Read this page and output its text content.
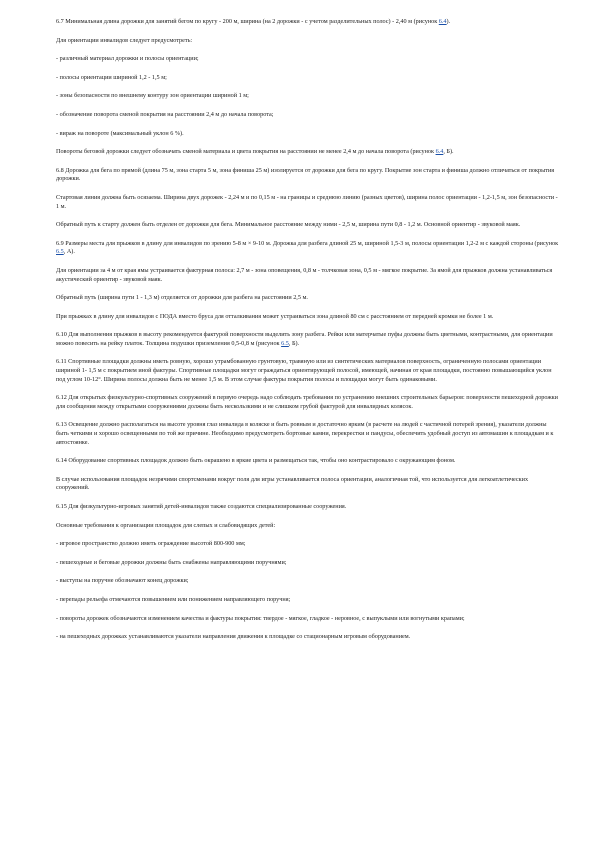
6.7 Минимальная длина дорожки для занятий бегом по кругу - 200 м, ширина (на 2 дорожки - с учетом разделительных полос) - 2,40 м (рисунок 6.4).

Для ориентации инвалидов следует предусмотреть:

- различный материал дорожки и полосы ориентации;

- полосы ориентации шириной 1,2 - 1,5 м;

- зоны безопасности по внешнему контуру зон ориентации шириной 1 м;

- обозначение поворота сменой покрытия на расстоянии 2,4 м до начала поворота;

- вираж на повороте (максимальный уклон 6 %).

Повороты беговой дорожки следует обозначать сменой материала и цвета покрытия на расстоянии не менее 2,4 м до начала поворота (рисунок 6.4, Б).

6.8 Дорожка для бега по прямой (длина 75 м, зона старта 5 м, зона финиша 25 м) изолируется от дорожки для бега по кругу. Покрытие зон старта и финиша должно отличаться от покрытия дорожки.

Стартовая линия должна быть осязаема. Ширина двух дорожек - 2,24 м и по 0,15 м - на границы и среднюю линию (разных цветов), ширина полос ориентации - 1,2-1,5 м, зон безопасности - 1 м.

Обратный путь к старту должен быть отделен от дорожки для бега. Минимальное расстояние между ними - 2,5 м, ширина пути 0,8 - 1,2 м. Основной ориентир - звуковой маяк.

6.9 Размеры места для прыжков в длину для инвалидов по зрению 5-8 м × 9-10 м. Дорожка для разбега длиной 25 м, шириной 1,5-3 м, полосы ориентации 1,2-2 м с каждой стороны (рисунок 6.5, А).

Для ориентации за 4 м от края ямы устраивается фактурная полоса: 2,7 м - зона оповещения, 0,8 м - толчковая зона, 0,5 м - мягкое покрытие. За ямой для прыжков должна устанавливаться акустический ориентир - звуковой маяк.

Обратный путь (ширина пути 1 - 1,3 м) отделяется от дорожки для разбега на расстоянии 2,5 м.

При прыжках в длину для инвалидов с ПОДА вместо бруса для отталкивания может устраиваться зона длиной 80 см с расстоянием от передней кромки не более 1 м.

6.10 Для выполнения прыжков в высоту рекомендуется фактурой поверхности выделить зону разбега. Рейки или матерчатые пуфы должны быть цветными, контрастными, для ориентации можно повесить на рейку платок. Толщина подушки приземления 0,5-0,8 м (рисунок 6.5, Б).

6.11 Спортивные площадки должны иметь ровную, хорошо утрамбованную грунтовую, травяную или из синтетических материалов поверхность, ограниченную полосами ориентации шириной 1- 1,5 м с покрытием иной фактуры. Спортивные площадки могут ограждаться ориентирующей полосой, имеющей, начиная от края площадки, постоянно повышающийся уклон под углом 10-12°. Ширина полосы должна быть не менее 1,5 м. В этом случае фактуры покрытия полосы и площадки могут быть одинаковыми.

6.12 Для открытых физкультурно-спортивных сооружений в первую очередь надо соблюдать требования по устранению внешних строительных барьеров: поверхности пешеходной дорожки для сообщения между открытыми сооружениями должны быть нескользкими и не слишком грубой фактурой для инвалидных колясок.

6.13 Освещение должно располагаться на высоте уровня глаз инвалида в коляске и быть ровным и достаточно ярким (в расчете на людей с частичной потерей зрения), указатели должны быть четкими и хорошо освещенными по той же причине. Необходимо предусмотреть бортовые камни, перекрестки и пандусы, обеспечить удобный доступ из автомашин к площадкам и к автостоянке.

6.14 Оборудование спортивных площадок должно быть окрашено в яркие цвета и размещаться так, чтобы оно контрастировало с окружающим фоном.

В случае использования площадок незрячими спортсменами вокруг поля для игры устанавливается полоса ориентации, аналогичная той, что используется для легкоатлетических сооружений.

6.15 Для физкультурно-игровых занятий детей-инвалидов также создаются специализированные сооружения.

Основные требования к организации площадок для слепых и слабовидящих детей:

- игровое пространство должно иметь ограждение высотой 800-900 мм;

- пешеходные и беговые дорожки должны быть снабжены направляющими поручнями;

- выступы на поручне обозначают конец дорожки;

- перепады рельефа отмечаются повышением или понижением направляющего поручня;

- повороты дорожек обозначаются изменением качества и фактуры покрытия: твердое - мягкое, гладкое - неровное, с выпуклыми или вогнутыми крапами;

- на пешеходных дорожках устанавливаются указатели направления движения к площадке со стационарным игровым оборудованием.
